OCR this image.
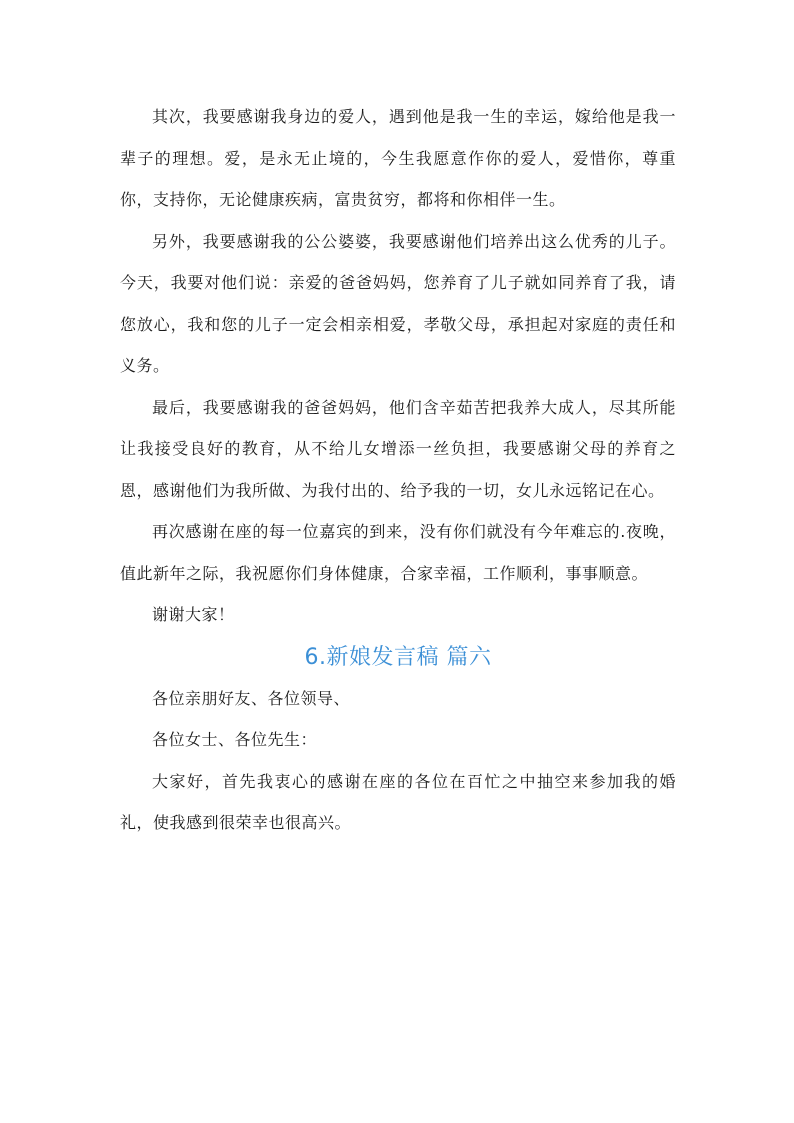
其次，我要感谢我身边的爱人，遇到他是我一生的幸运，嫁给他是我一辈子的理想。爱，是永无止境的，今生我愿意作你的爱人，爱惜你，尊重你，支持你，无论健康疾病，富贵贫穷，都将和你相伴一生。

另外，我要感谢我的公公婆婆，我要感谢他们培养出这么优秀的儿子。今天，我要对他们说：亲爱的爸爸妈妈，您养育了儿子就如同养育了我，请您放心，我和您的儿子一定会相亲相爱，孝敬父母，承担起对家庭的责任和义务。

最后，我要感谢我的爸爸妈妈，他们含辛茹苦把我养大成人，尽其所能让我接受良好的教育，从不给儿女增添一丝负担，我要感谢父母的养育之恩，感谢他们为我所做、为我付出的、给予我的一切，女儿永远铭记在心。

再次感谢在座的每一位嘉宾的到来，没有你们就没有今年难忘的.夜晚，值此新年之际，我祝愿你们身体健康，合家幸福，工作顺利，事事顺意。

谢谢大家！

6.新娘发言稿 篇六

各位亲朋好友、各位领导、

各位女士、各位先生：

大家好，首先我衷心的感谢在座的各位在百忙之中抽空来参加我的婚礼，使我感到很荣幸也很高兴。
